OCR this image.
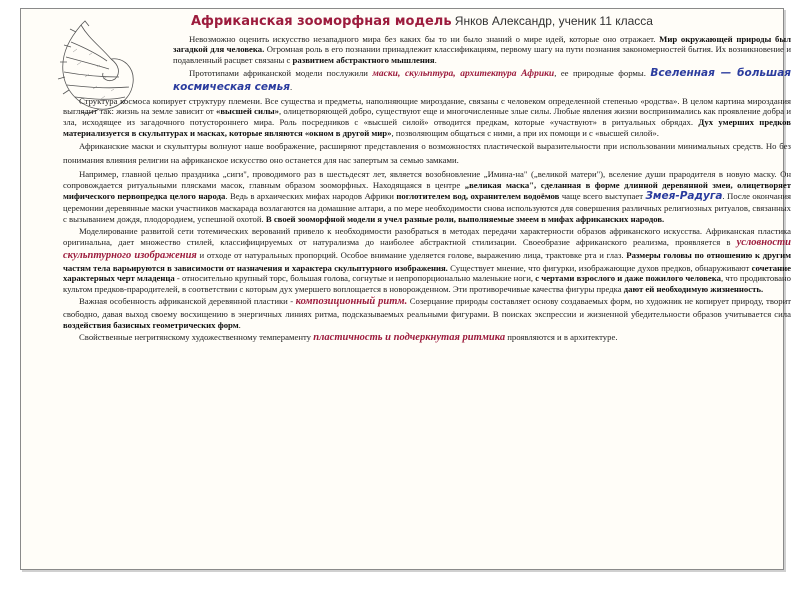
Африканская зооморфная модель Янков Александр, ученик 11 класса

Невозможно оценить искусство незападного мира без каких бы то ни было знаний о мире идей, которые оно отражает. Мир окружающей природы был загадкой для человека. Огромная роль в его познании принадлежит классификациям, первому шагу на пути познания закономерностей бытия. Их возникновение и подавленный расцвет связаны с развитием абстрактного мышления.

Прототипами африканской модели послужили маски, скульптура, архитектура Африки, ее природные формы. Вселенная — большая космическая семья.

Структура космоса копирует структуру племени. Все существа и предметы, наполняющие мироздание, связаны с человеком определенной степенью «родства». В целом картина мироздания выглядит так: жизнь на земле зависит от «высшей силы», олицетворяющей добро, существуют еще и многочисленные злые силы. Любые явления жизни воспринимались как проявление добра и зла, исходящее из загадочного потустороннего мира. Роль посредников с «высшей силой» отводится предкам, которые «участвуют» в ритуальных обрядах. Дух умерших предков материализуется в скульптурах и масках, которые являются «окном в другой мир», позволяющим общаться с ними, а при их помощи и с «высшей силой».

Африканские маски и скульптуры волнуют наше воображение, расширяют представления о возможностях пластической выразительности при использовании минимальных средств. Но без понимания влияния религии на африканское искусство оно останется для нас запертым за семью замками.

Например, главной целью праздника „сиги", проводимого раз в шестьдесят лет, является возобновление „Имина-на" („великой матери"), вселение души прародителя в новую маску. Он сопровождается ритуальными плясками масок, главным образом зооморфных. Находящаяся в центре „великая маска", сделанная в форме длинной деревянной змеи, олицетворяет мифического первопредка целого народа. Ведь в архаических мифах народов Африки поглотителем вод, охранителем водоёмов чаще всего выступает Змея-Радуга. После окончания церемонии деревянные маски участников маскарада возлагаются на домашние алтари, а по мере необходимости снова используются для совершения различных религиозных ритуалов, связанных с вызыванием дождя, плодородием, успешной охотой. В своей зооморфной модели я учел разные роли, выполняемые змеем в мифах африканских народов.

Моделирование развитой сети тотемических верований привело к необходимости разобраться в методах передачи характерности образов африканского искусства. Африканская пластика оригинальна, дает множество стилей, классифицируемых от натурализма до наиболее абстрактной стилизации. Своеобразие африканского реализма, проявляется в условности скульптурного изображения и отходе от натуральных пропорций. Особое внимание уделяется голове, выражению лица, трактовке рта и глаз. Размеры головы по отношению к другим частям тела варьируются в зависимости от назначения и характера скульптурного изображения. Существует мнение, что фигурки, изображающие духов предков, обнаруживают сочетание характерных черт младенца - относительно крупный торс, большая голова, согнутые и непропорционально маленькие ноги, с чертами взрослого и даже пожилого человека, что продиктовано культом предков-прародителей, в соответствии с которым дух умершего воплощается в новорожденном. Эти противоречивые качества фигуры предка дают ей необходимую жизненность.

Важная особенность африканской деревянной пластики - композиционный ритм. Созерцание природы составляет основу создаваемых форм, но художник не копирует природу, творит свободно, давая выход своему восхищению в энергичных линиях ритма, подсказываемых реальными фигурами. В поисках экспрессии и жизненной убедительности образов учитывается сила воздействия базисных геометрических форм.

Свойственные негритянскому художественному темпераменту пластичность и подчеркнутая ритмика проявляются и в архитектуре.
